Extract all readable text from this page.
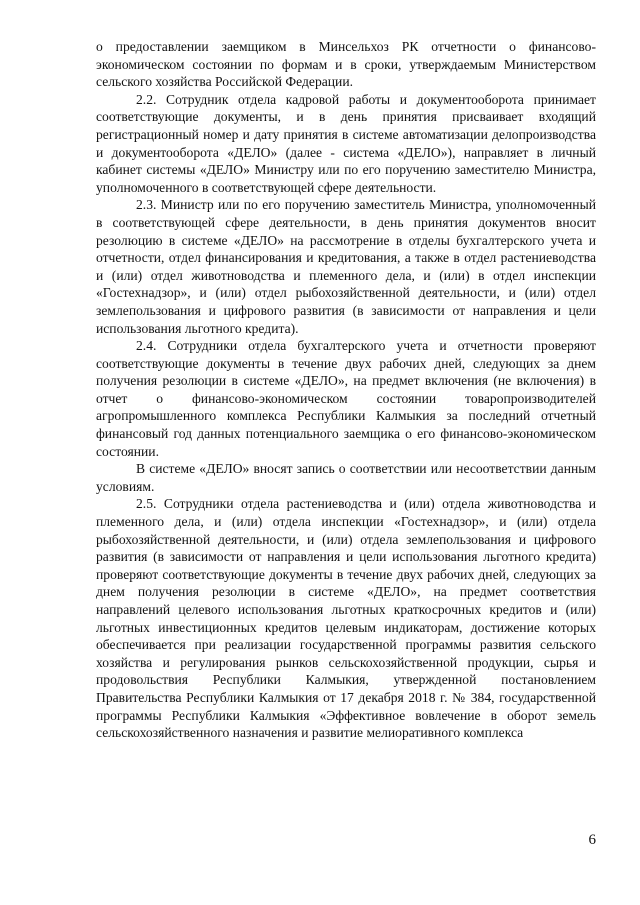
о предоставлении заемщиком в Минсельхоз РК отчетности о финансово-экономическом состоянии по формам и в сроки, утверждаемым Министерством сельского хозяйства Российской Федерации.

2.2. Сотрудник отдела кадровой работы и документооборота принимает соответствующие документы, и в день принятия присваивает входящий регистрационный номер и дату принятия в системе автоматизации делопроизводства и документооборота «ДЕЛО» (далее - система «ДЕЛО»), направляет в личный кабинет системы «ДЕЛО» Министру или по его поручению заместителю Министра, уполномоченного в соответствующей сфере деятельности.

2.3. Министр или по его поручению заместитель Министра, уполномоченный в соответствующей сфере деятельности, в день принятия документов вносит резолюцию в системе «ДЕЛО» на рассмотрение в отделы бухгалтерского учета и отчетности, отдел финансирования и кредитования, а также в отдел растениеводства и (или) отдел животноводства и племенного дела, и (или) в отдел инспекции «Гостехнадзор», и (или) отдел рыбохозяйственной деятельности, и (или) отдел землепользования и цифрового развития (в зависимости от направления и цели использования льготного кредита).

2.4. Сотрудники отдела бухгалтерского учета и отчетности проверяют соответствующие документы в течение двух рабочих дней, следующих за днем получения резолюции в системе «ДЕЛО», на предмет включения (не включения) в отчет о финансово-экономическом состоянии товаропроизводителей агропромышленного комплекса Республики Калмыкия за последний отчетный финансовый год данных потенциального заемщика о его финансово-экономическом состоянии.

В системе «ДЕЛО» вносят запись о соответствии или несоответствии данным условиям.

2.5. Сотрудники отдела растениеводства и (или) отдела животноводства и племенного дела, и (или) отдела инспекции «Гостехнадзор», и (или) отдела рыбохозяйственной деятельности, и (или) отдела землепользования и цифрового развития (в зависимости от направления и цели использования льготного кредита) проверяют соответствующие документы в течение двух рабочих дней, следующих за днем получения резолюции в системе «ДЕЛО», на предмет соответствия направлений целевого использования льготных краткосрочных кредитов и (или) льготных инвестиционных кредитов целевым индикаторам, достижение которых обеспечивается при реализации государственной программы развития сельского хозяйства и регулирования рынков сельскохозяйственной продукции, сырья и продовольствия Республики Калмыкия, утвержденной постановлением Правительства Республики Калмыкия от 17 декабря 2018 г. № 384, государственной программы Республики Калмыкия «Эффективное вовлечение в оборот земель сельскохозяйственного назначения и развитие мелиоративного комплекса

6
